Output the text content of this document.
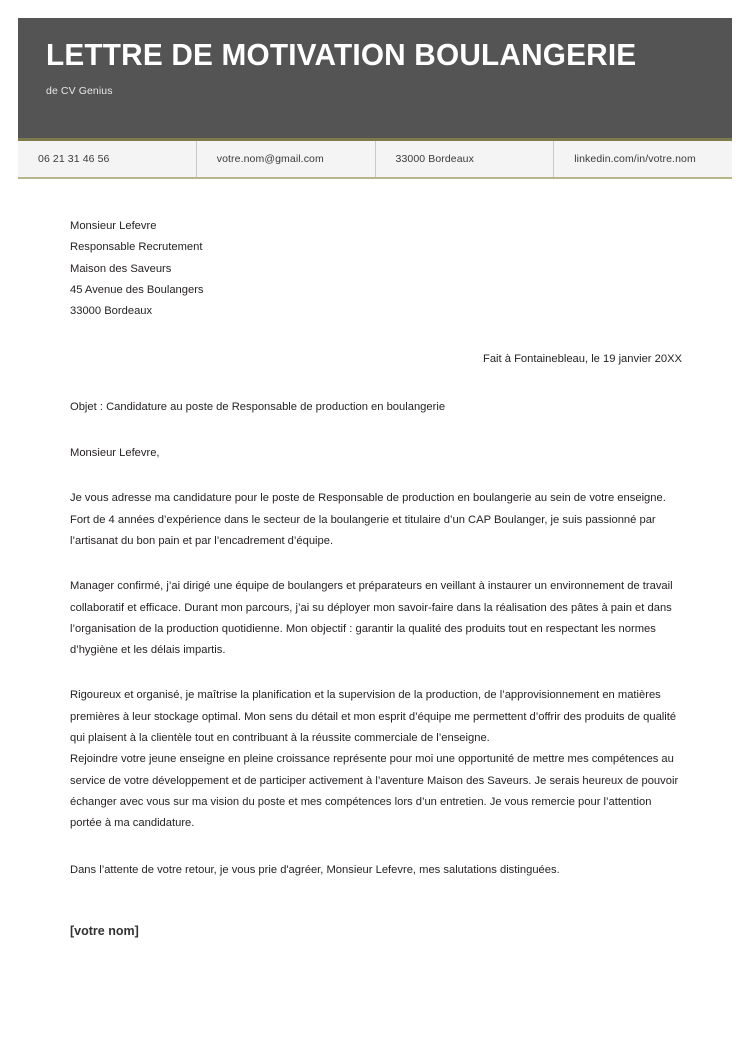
LETTRE DE MOTIVATION BOULANGERIE
de CV Genius
06 21 31 46 56	votre.nom@gmail.com	33000 Bordeaux	linkedin.com/in/votre.nom
Monsieur Lefevre
Responsable Recrutement
Maison des Saveurs
45 Avenue des Boulangers
33000 Bordeaux
Fait à Fontainebleau, le 19 janvier 20XX
Objet : Candidature au poste de Responsable de production en boulangerie
Monsieur Lefevre,
Je vous adresse ma candidature pour le poste de Responsable de production en boulangerie au sein de votre enseigne. Fort de 4 années d’expérience dans le secteur de la boulangerie et titulaire d’un CAP Boulanger, je suis passionné par l’artisanat du bon pain et par l’encadrement d’équipe.
Manager confirmé, j’ai dirigé une équipe de boulangers et préparateurs en veillant à instaurer un environnement de travail collaboratif et efficace. Durant mon parcours, j’ai su déployer mon savoir-faire dans la réalisation des pâtes à pain et dans l’organisation de la production quotidienne. Mon objectif : garantir la qualité des produits tout en respectant les normes d’hygiène et les délais impartis.
Rigoureux et organisé, je maîtrise la planification et la supervision de la production, de l’approvisionnement en matières premières à leur stockage optimal. Mon sens du détail et mon esprit d’équipe me permettent d’offrir des produits de qualité qui plaisent à la clientèle tout en contribuant à la réussite commerciale de l’enseigne.
Rejoindre votre jeune enseigne en pleine croissance représente pour moi une opportunité de mettre mes compétences au service de votre développement et de participer activement à l’aventure Maison des Saveurs. Je serais heureux de pouvoir échanger avec vous sur ma vision du poste et mes compétences lors d’un entretien. Je vous remercie pour l’attention portée à ma candidature.
Dans l’attente de votre retour, je vous prie d'agréer, Monsieur Lefevre, mes salutations distinguées.
[votre nom]
